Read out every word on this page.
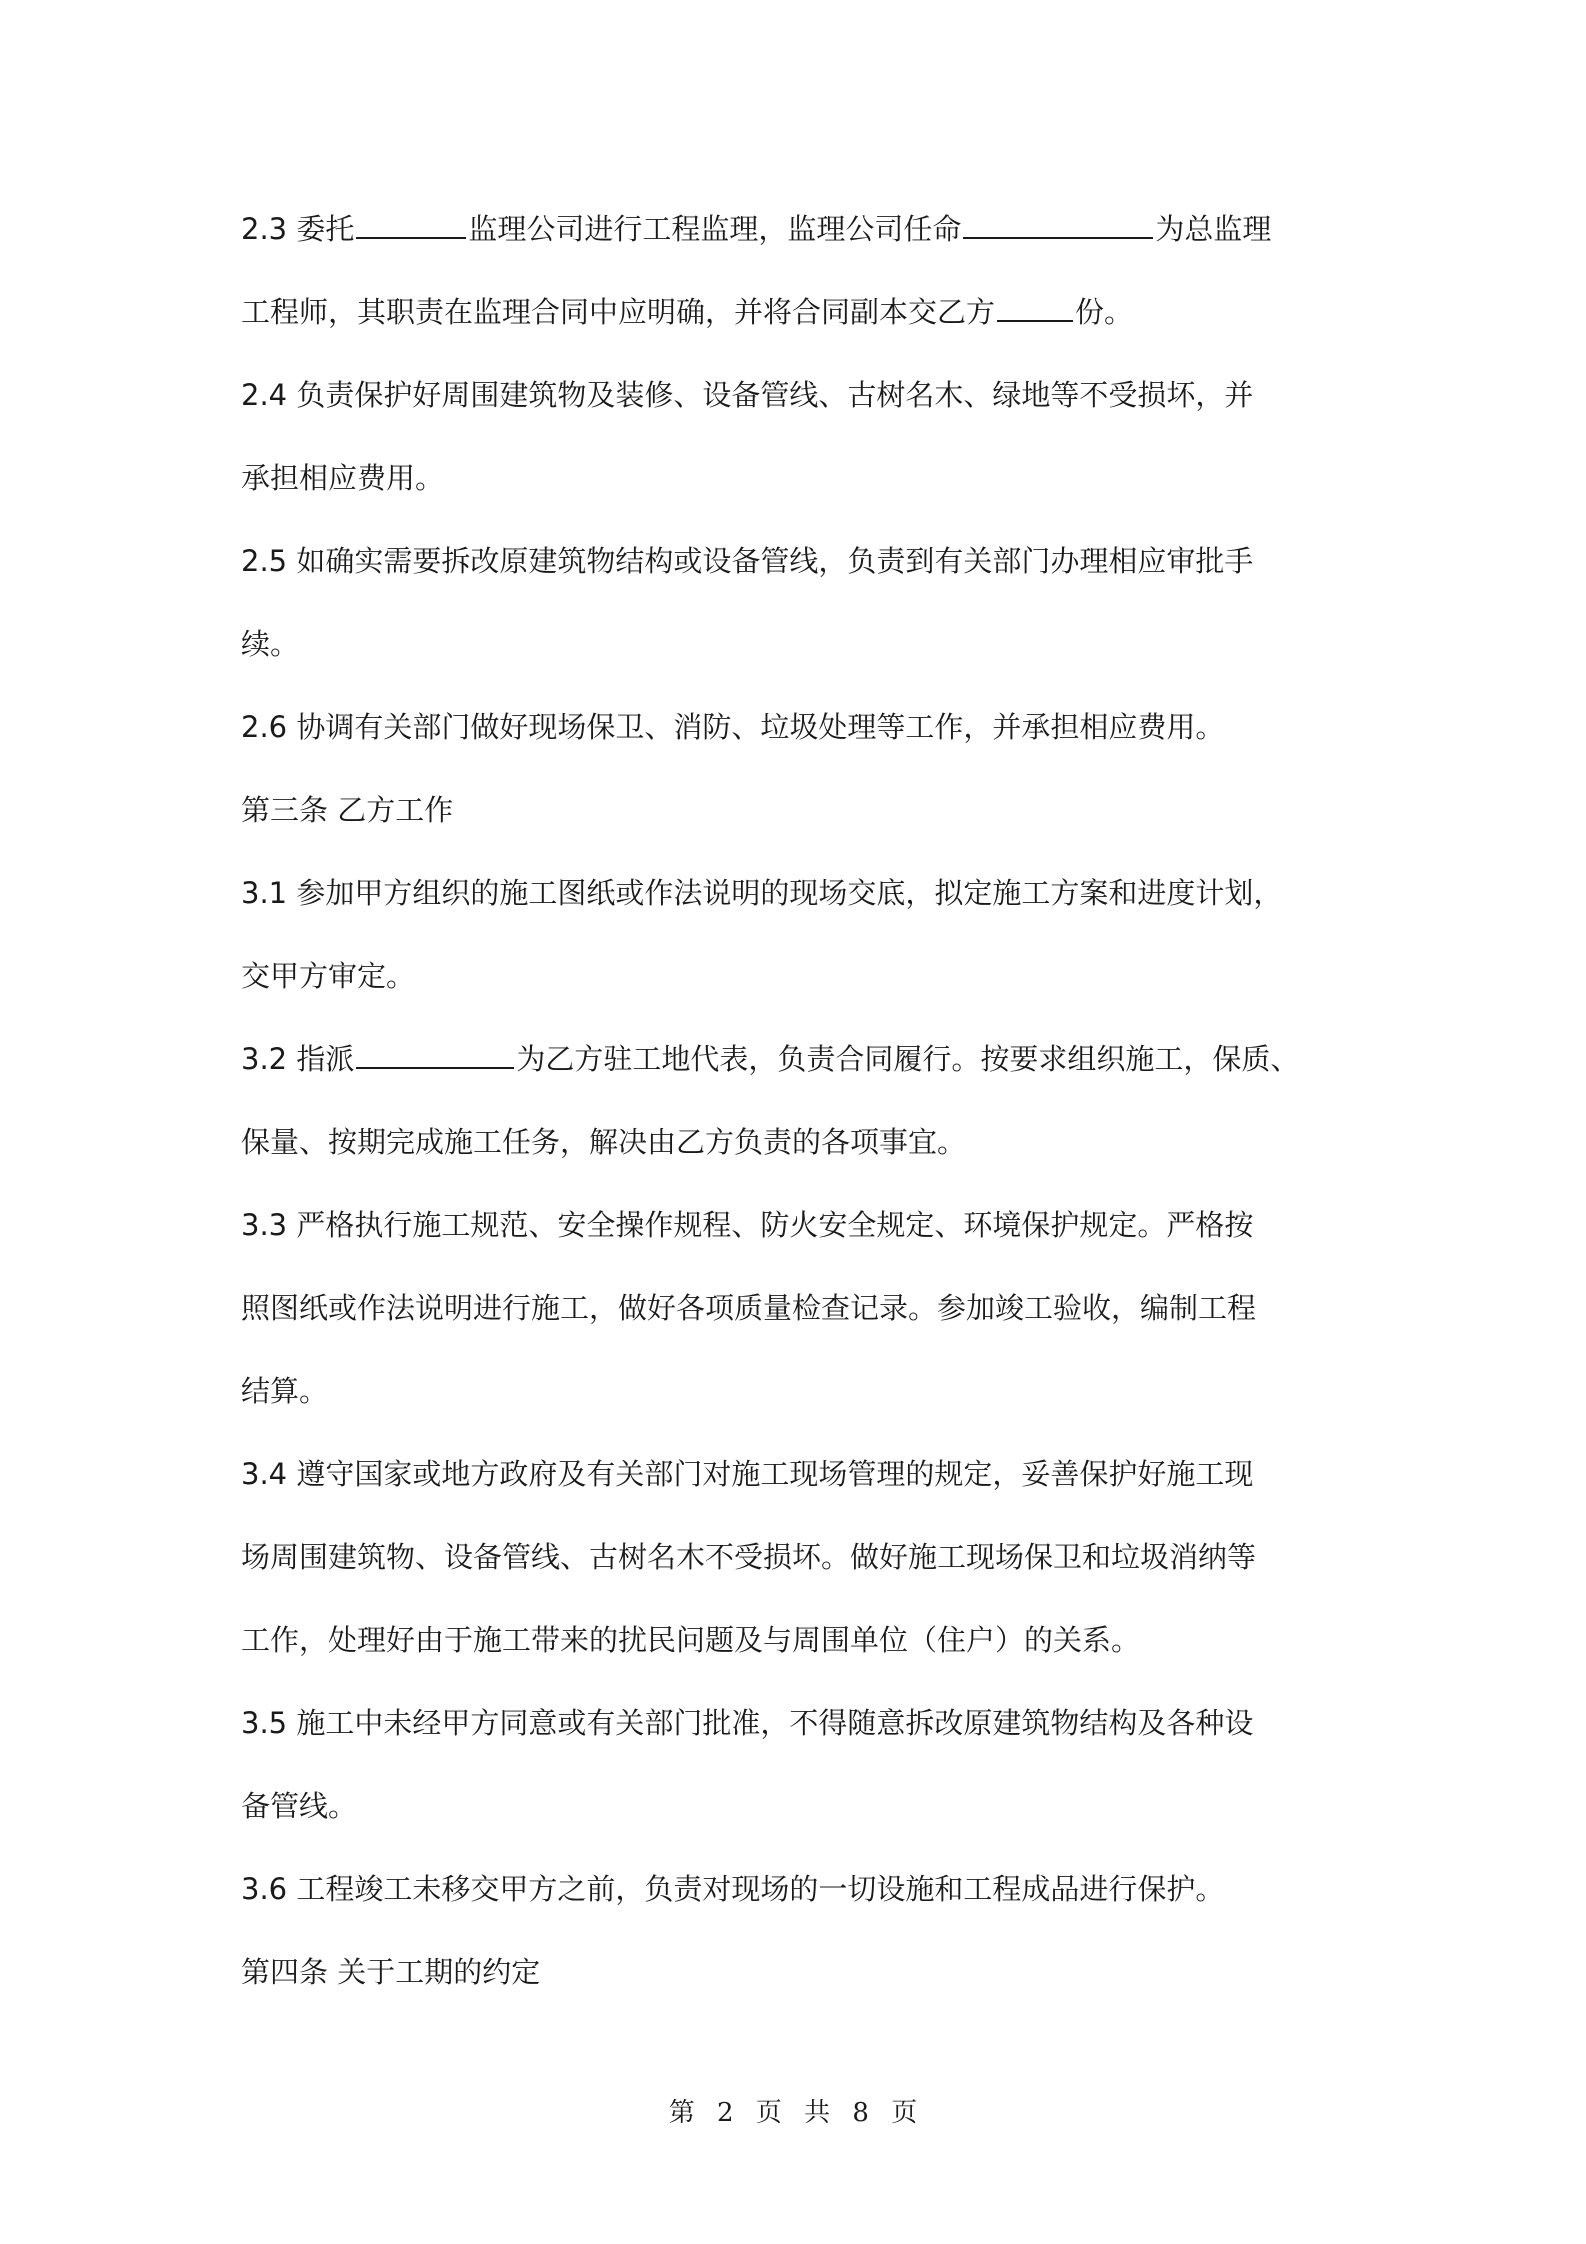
2.3 委托	监理公司进行工程监理，监理公司任命	为总监理
工程师，其职责在监理合同中应明确，并将合同副本交乙方	份。
2.4 负责保护好周围建筑物及装修、设备管线、古树名木、绿地等不受损坏，并
承担相应费用。
2.5 如确实需要拆改原建筑物结构或设备管线，负责到有关部门办理相应审批手
续。
2.6 协调有关部门做好现场保卫、消防、垃圾处理等工作，并承担相应费用。
第三条 乙方工作
3.1 参加甲方组织的施工图纸或作法说明的现场交底，拟定施工方案和进度计划，
交甲方审定。
3.2 指派	为乙方驻工地代表，负责合同履行。按要求组织施工，保质、
保量、按期完成施工任务，解决由乙方负责的各项事宜。
3.3 严格执行施工规范、安全操作规程、防火安全规定、环境保护规定。严格按
照图纸或作法说明进行施工，做好各项质量检查记录。参加竣工验收，编制工程
结算。
3.4 遵守国家或地方政府及有关部门对施工现场管理的规定，妥善保护好施工现
场周围建筑物、设备管线、古树名木不受损坏。做好施工现场保卫和垃圾消纳等
工作，处理好由于施工带来的扰民问题及与周围单位（住户）的关系。
3.5 施工中未经甲方同意或有关部门批准，不得随意拆改原建筑物结构及各种设
备管线。
3.6 工程竣工未移交甲方之前，负责对现场的一切设施和工程成品进行保护。
第四条 关于工期的约定
第 2 页 共 8 页
